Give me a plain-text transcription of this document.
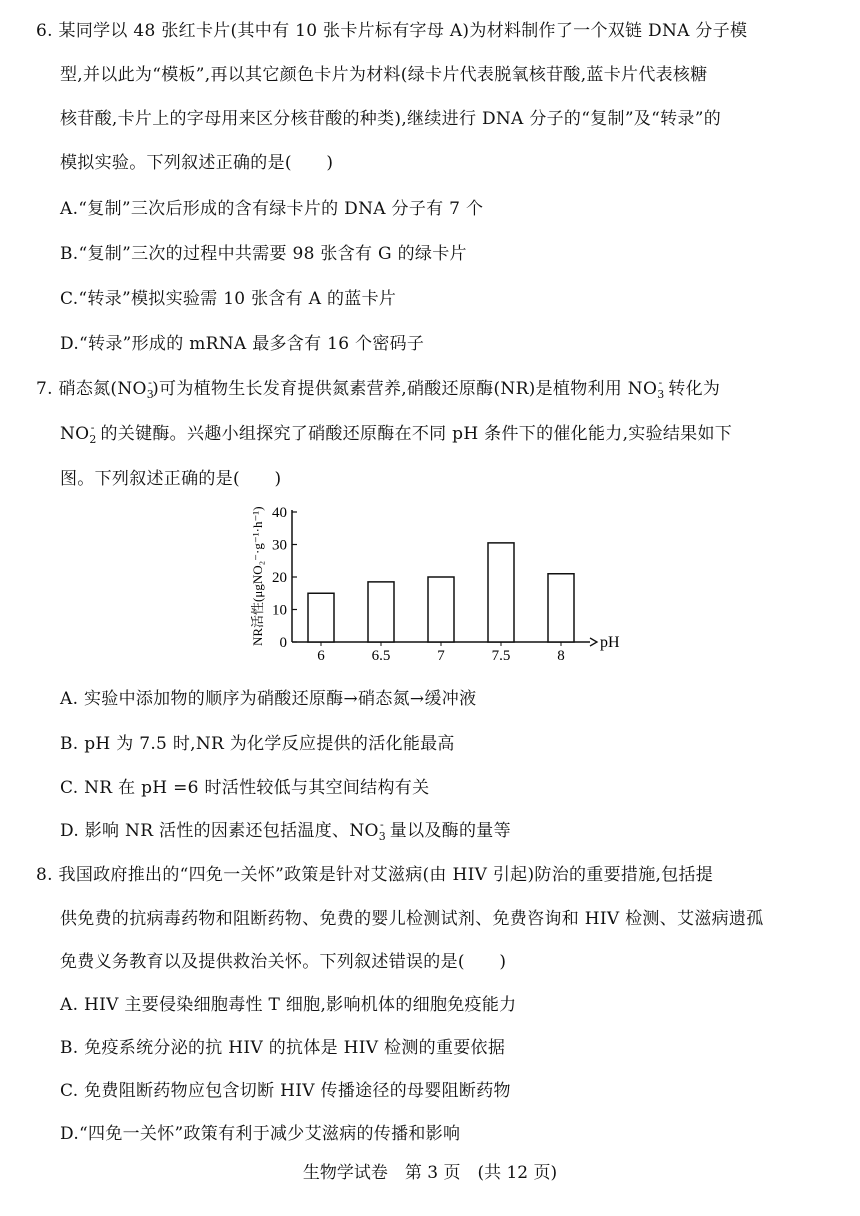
6. 某同学以 48 张红卡片(其中有 10 张卡片标有字母 A)为材料制作了一个双链 DNA 分子模
型,并以此为“模板”,再以其它颜色卡片为材料(绿卡片代表脱氧核苷酸,蓝卡片代表核糖
核苷酸,卡片上的字母用来区分核苷酸的种类),继续进行 DNA 分子的“复制”及“转录”的
模拟实验。下列叙述正确的是(　　)
A.“复制”三次后形成的含有绿卡片的 DNA 分子有 7 个
B.“复制”三次的过程中共需要 98 张含有 G 的绿卡片
C.“转录”模拟实验需 10 张含有 A 的蓝卡片
D.“转录”形成的 mRNA 最多含有 16 个密码子
7. 硝态氮$(NO_3^-)$可为植物生长发育提供氮素营养,硝酸还原酶(NR)是植物利用 $NO_3^-$ 转化为
$NO_2^-$ 的关键酶。兴趣小组探究了硝酸还原酶在不同 pH 条件下的催化能力,实验结果如下
图。下列叙述正确的是(　　)
0
10
20
30
40
6	6.5	7	7.5	8
pH
NR活性(μgNO₂⁻·g⁻¹·h⁻¹)
A. 实验中添加物的顺序为硝酸还原酶→硝态氮→缓冲液
B. pH 为 7.5 时,NR 为化学反应提供的活化能最高
C. NR 在 pH =6 时活性较低与其空间结构有关
D. 影响 NR 活性的因素还包括温度、$NO_3^-$ 量以及酶的量等
8. 我国政府推出的“四免一关怀”政策是针对艾滋病(由 HIV 引起)防治的重要措施,包括提
供免费的抗病毒药物和阻断药物、免费的婴儿检测试剂、免费咨询和 HIV 检测、艾滋病遗孤
免费义务教育以及提供救治关怀。下列叙述错误的是(　　)
A. HIV 主要侵染细胞毒性 T 细胞,影响机体的细胞免疫能力
B. 免疫系统分泌的抗 HIV 的抗体是 HIV 检测的重要依据
C. 免费阻断药物应包含切断 HIV 传播途径的母婴阻断药物
D.“四免一关怀”政策有利于减少艾滋病的传播和影响
生物学试卷　第 3 页　(共 12 页)
